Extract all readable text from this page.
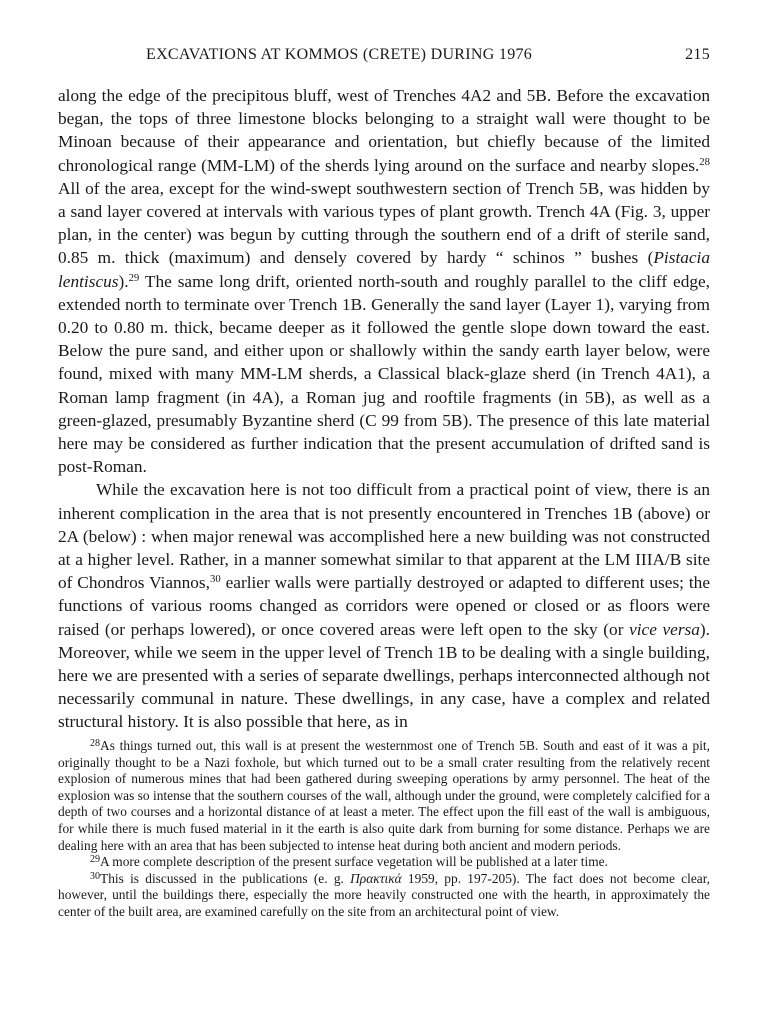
EXCAVATIONS AT KOMMOS (CRETE) DURING 1976	215

along the edge of the precipitous bluff, west of Trenches 4A2 and 5B. Before the excavation began, the tops of three limestone blocks belonging to a straight wall were thought to be Minoan because of their appearance and orientation, but chiefly because of the limited chronological range (MM-LM) of the sherds lying around on the surface and nearby slopes.$^{28}$ All of the area, except for the wind-swept southwestern section of Trench 5B, was hidden by a sand layer covered at intervals with various types of plant growth. Trench 4A (Fig. 3, upper plan, in the center) was begun by cutting through the southern end of a drift of sterile sand, 0.85 m. thick (maximum) and densely covered by hardy “ schinos ” bushes (Pistacia lentiscus).$^{29}$ The same long drift, oriented north-south and roughly parallel to the cliff edge, extended north to terminate over Trench 1B. Generally the sand layer (Layer 1), varying from 0.20 to 0.80 m. thick, became deeper as it followed the gentle slope down toward the east. Below the pure sand, and either upon or shallowly within the sandy earth layer below, were found, mixed with many MM-LM sherds, a Classical black-glaze sherd (in Trench 4A1), a Roman lamp fragment (in 4A), a Roman jug and rooftile fragments (in 5B), as well as a green-glazed, presumably Byzantine sherd (C 99 from 5B). The presence of this late material here may be considered as further indication that the present accumulation of drifted sand is post-Roman.

While the excavation here is not too difficult from a practical point of view, there is an inherent complication in the area that is not presently encountered in Trenches 1B (above) or 2A (below) : when major renewal was accomplished here a new building was not constructed at a higher level. Rather, in a manner somewhat similar to that apparent at the LM IIIA/B site of Chondros Viannos,$^{30}$ earlier walls were partially destroyed or adapted to different uses; the functions of various rooms changed as corridors were opened or closed or as floors were raised (or perhaps lowered), or once covered areas were left open to the sky (or vice versa). Moreover, while we seem in the upper level of Trench 1B to be dealing with a single building, here we are presented with a series of separate dwellings, perhaps interconnected although not necessarily communal in nature. These dwellings, in any case, have a complex and related structural history. It is also possible that here, as in

$^{28}$As things turned out, this wall is at present the westernmost one of Trench 5B. South and east of it was a pit, originally thought to be a Nazi foxhole, but which turned out to be a small crater resulting from the relatively recent explosion of numerous mines that had been gathered during sweeping operations by army personnel. The heat of the explosion was so intense that the southern courses of the wall, although under the ground, were completely calcified for a depth of two courses and a horizontal distance of at least a meter. The effect upon the fill east of the wall is ambiguous, for while there is much fused material in it the earth is also quite dark from burning for some distance. Perhaps we are dealing here with an area that has been subjected to intense heat during both ancient and modern periods.

$^{29}$A more complete description of the present surface vegetation will be published at a later time.

$^{30}$This is discussed in the publications (e. g. Πρακτικά 1959, pp. 197-205). The fact does not become clear, however, until the buildings there, especially the more heavily constructed one with the hearth, in approximately the center of the built area, are examined carefully on the site from an architectural point of view.
